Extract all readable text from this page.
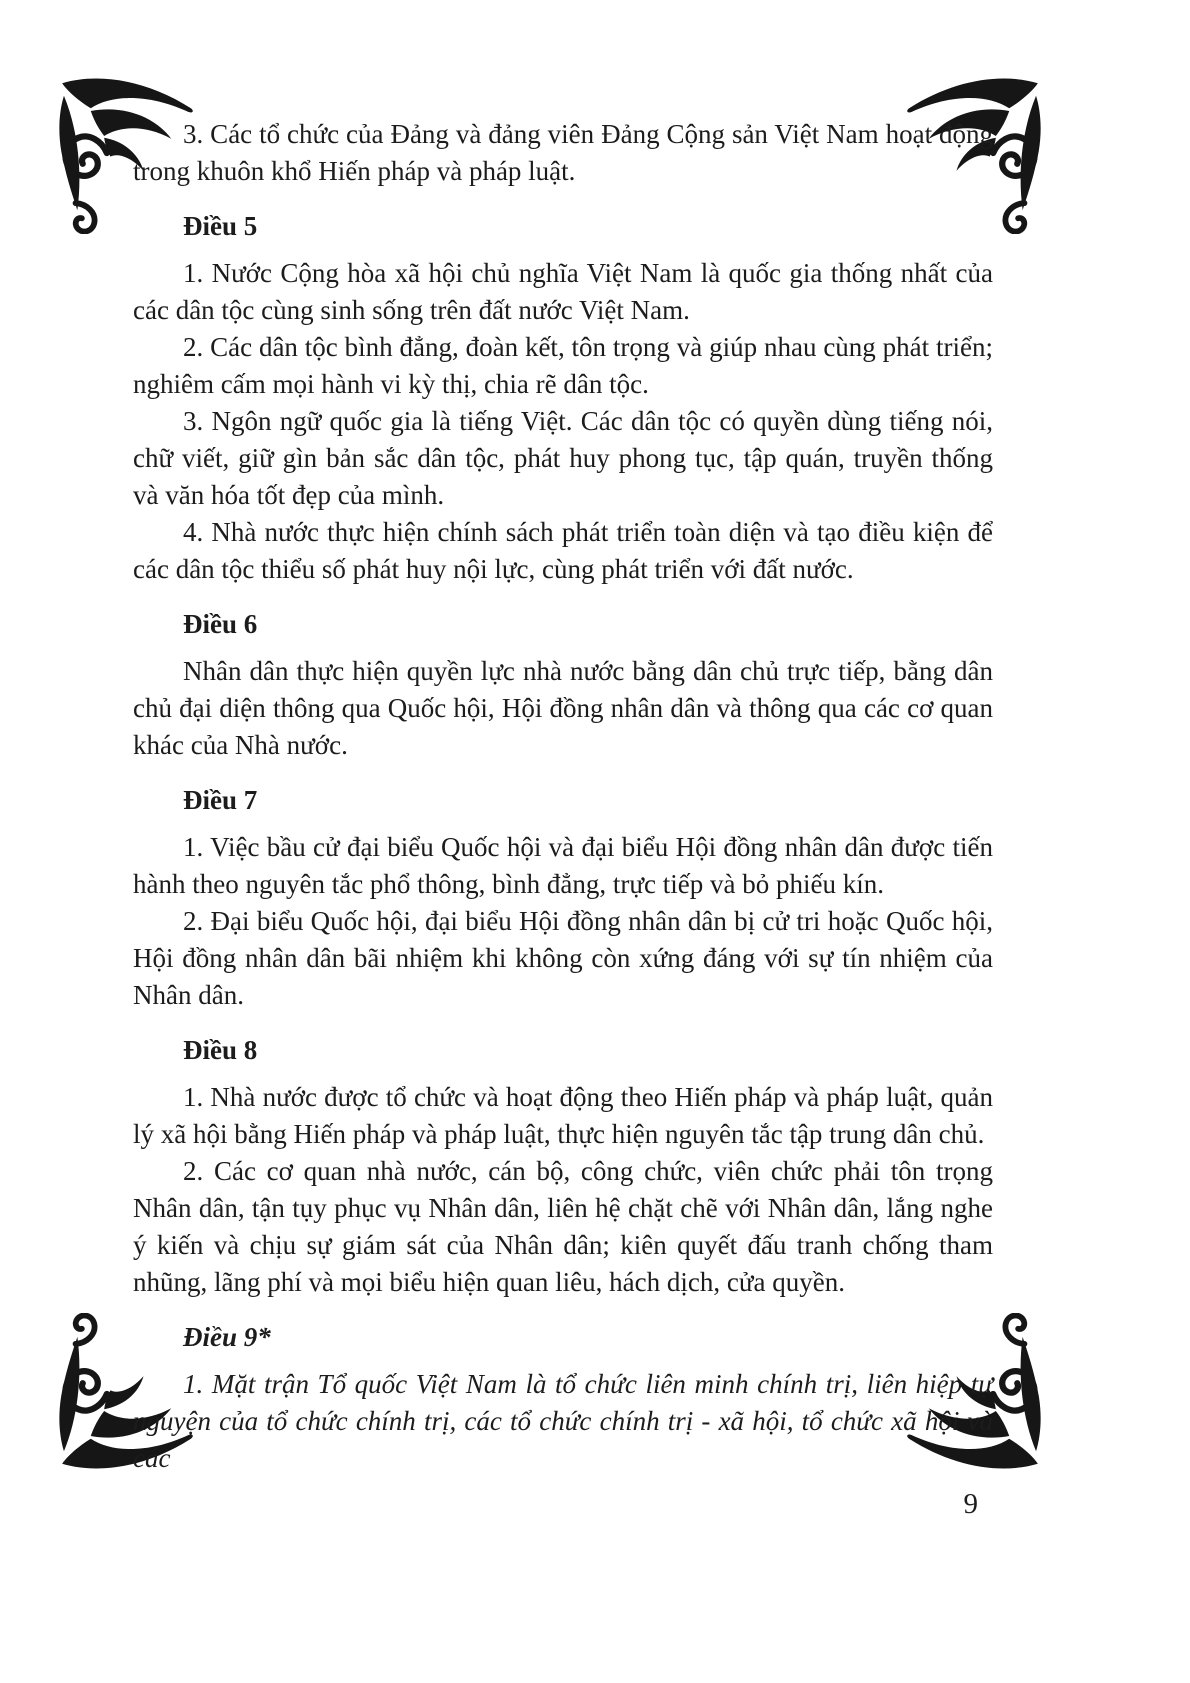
3. Các tổ chức của Đảng và đảng viên Đảng Cộng sản Việt Nam hoạt động trong khuôn khổ Hiến pháp và pháp luật.

Điều 5

1. Nước Cộng hòa xã hội chủ nghĩa Việt Nam là quốc gia thống nhất của các dân tộc cùng sinh sống trên đất nước Việt Nam.

2. Các dân tộc bình đẳng, đoàn kết, tôn trọng và giúp nhau cùng phát triển; nghiêm cấm mọi hành vi kỳ thị, chia rẽ dân tộc.

3. Ngôn ngữ quốc gia là tiếng Việt. Các dân tộc có quyền dùng tiếng nói, chữ viết, giữ gìn bản sắc dân tộc, phát huy phong tục, tập quán, truyền thống và văn hóa tốt đẹp của mình.

4. Nhà nước thực hiện chính sách phát triển toàn diện và tạo điều kiện để các dân tộc thiểu số phát huy nội lực, cùng phát triển với đất nước.

Điều 6

Nhân dân thực hiện quyền lực nhà nước bằng dân chủ trực tiếp, bằng dân chủ đại diện thông qua Quốc hội, Hội đồng nhân dân và thông qua các cơ quan khác của Nhà nước.

Điều 7

1. Việc bầu cử đại biểu Quốc hội và đại biểu Hội đồng nhân dân được tiến hành theo nguyên tắc phổ thông, bình đẳng, trực tiếp và bỏ phiếu kín.

2. Đại biểu Quốc hội, đại biểu Hội đồng nhân dân bị cử tri hoặc Quốc hội, Hội đồng nhân dân bãi nhiệm khi không còn xứng đáng với sự tín nhiệm của Nhân dân.

Điều 8

1. Nhà nước được tổ chức và hoạt động theo Hiến pháp và pháp luật, quản lý xã hội bằng Hiến pháp và pháp luật, thực hiện nguyên tắc tập trung dân chủ.

2. Các cơ quan nhà nước, cán bộ, công chức, viên chức phải tôn trọng Nhân dân, tận tụy phục vụ Nhân dân, liên hệ chặt chẽ với Nhân dân, lắng nghe ý kiến và chịu sự giám sát của Nhân dân; kiên quyết đấu tranh chống tham nhũng, lãng phí và mọi biểu hiện quan liêu, hách dịch, cửa quyền.

Điều 9*

1. Mặt trận Tổ quốc Việt Nam là tổ chức liên minh chính trị, liên hiệp tự nguyện của tổ chức chính trị, các tổ chức chính trị - xã hội, tổ chức xã hội và các

9
